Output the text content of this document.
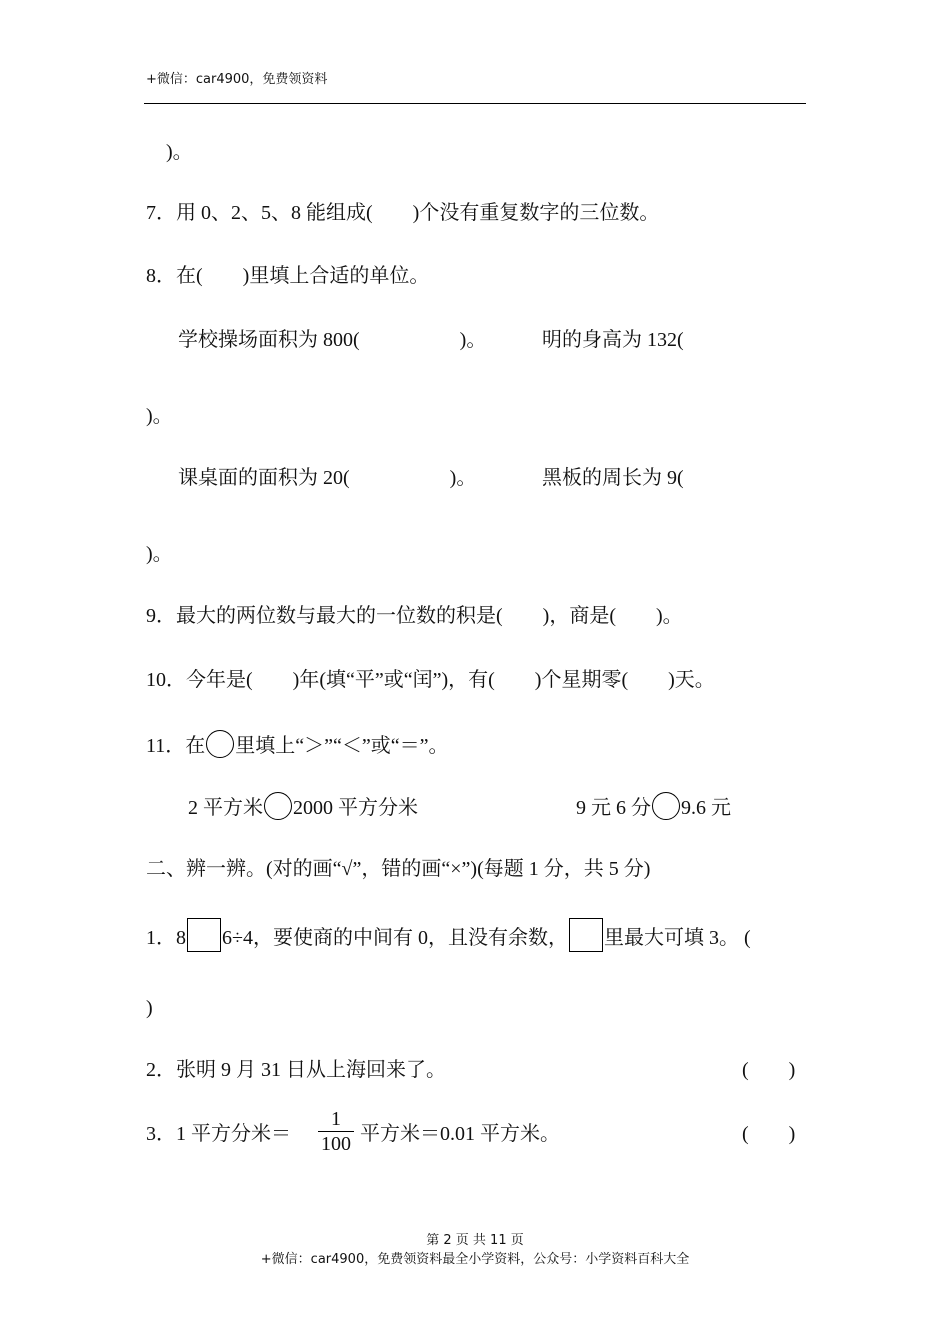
+微信：car4900，免费领资料
)。
7．用 0、2、5、8 能组成(　　)个没有重复数字的三位数。
8．在(　　)里填上合适的单位。
学校操场面积为 800(　　　　　)。	明的身高为 132(
)。
课桌面的面积为 20(　　　　　)。	黑板的周长为 9(
)。
9．最大的两位数与最大的一位数的积是(　　)，商是(　　)。
10．今年是(　　)年(填“平”或“闰”)，有(　　)个星期零(　　)天。
11．在 里填上“＞”“＜”或“＝”。
2 平方米 2000 平方分米	9 元 6 分 9.6 元
二、辨一辨。(对的画“√”，错的画“×”)(每题 1 分，共 5 分)
1．8 6÷4，要使商的中间有 0，且没有余数， 里最大可填 3。 (
)
2．张明 9 月 31 日从上海回来了。	(　　)
3．1 平方分米＝
1
100 平方米＝0.01 平方米。	(　　)
第 2 页 共 11 页
+微信：car4900，免费领资料最全小学资料，公众号：小学资料百科大全
